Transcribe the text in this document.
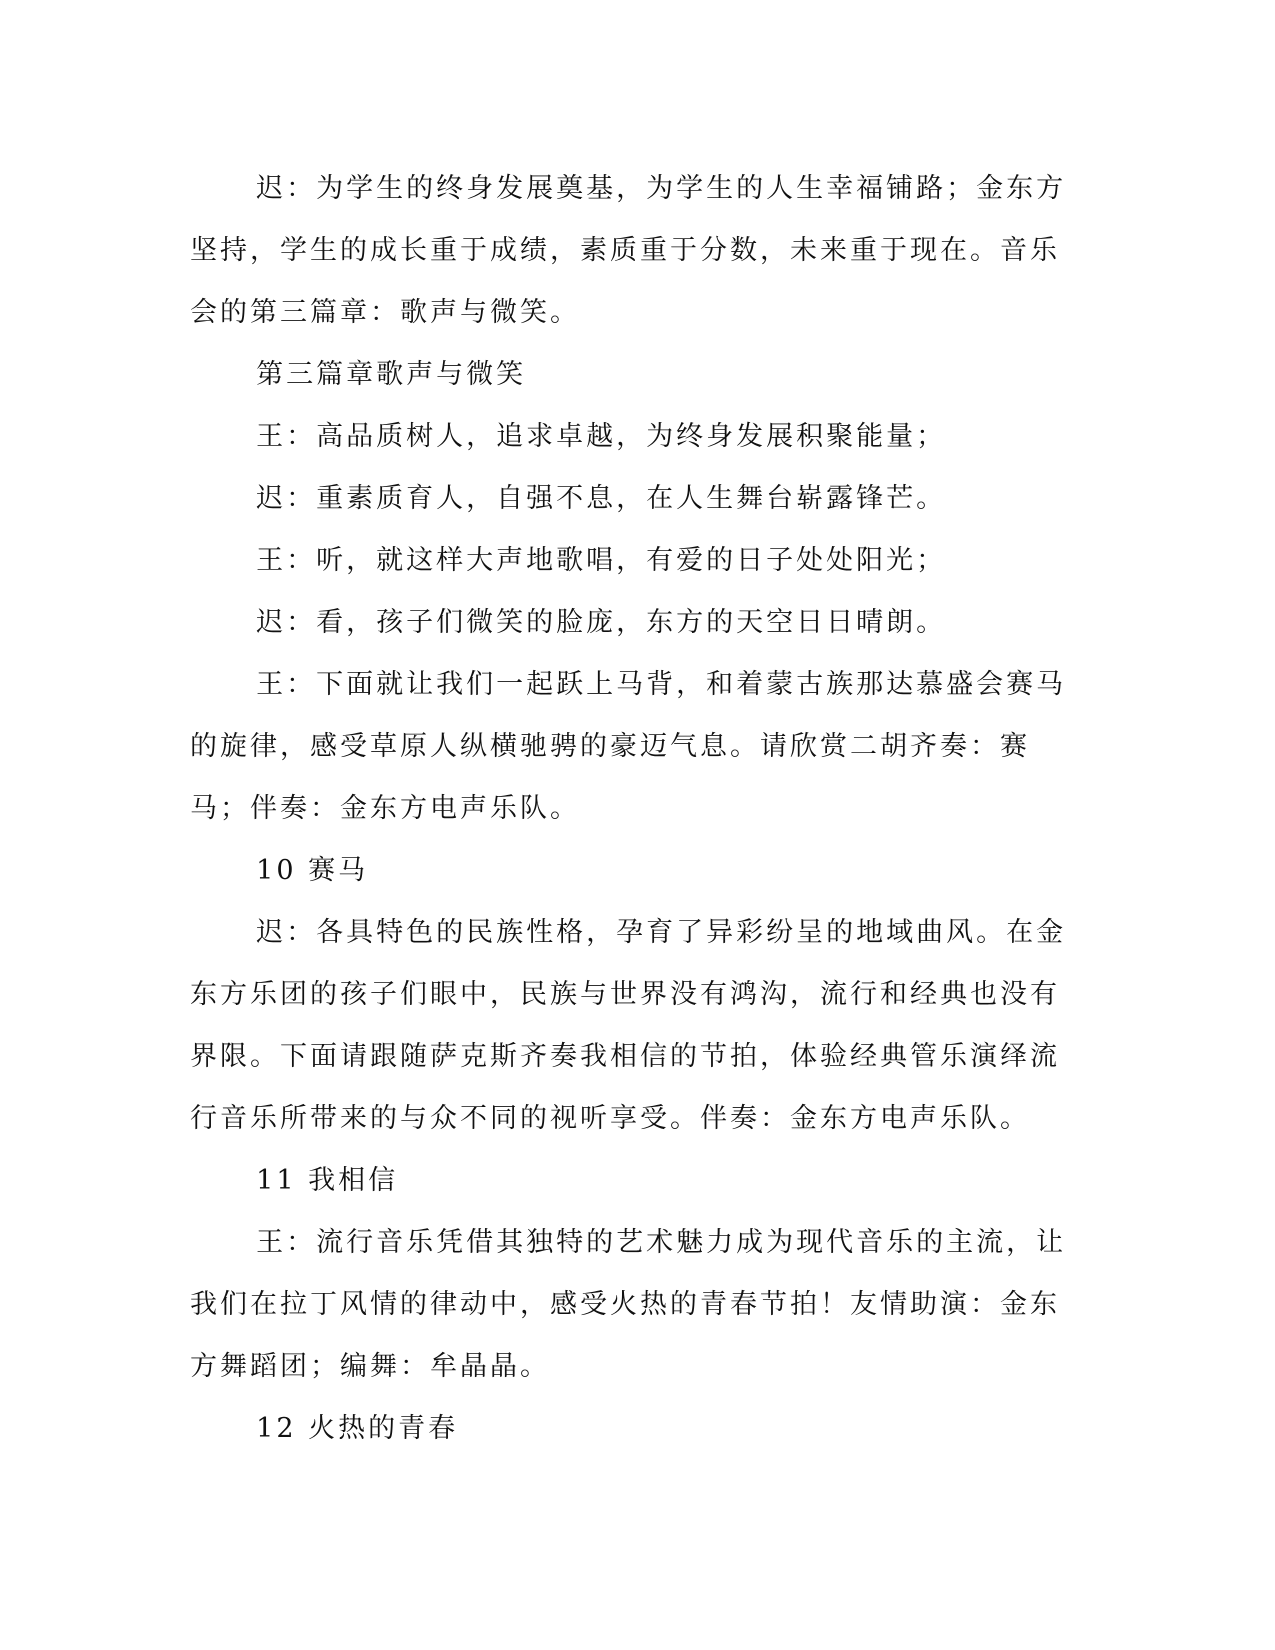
迟：为学生的终身发展奠基，为学生的人生幸福铺路；金东方坚持，学生的成长重于成绩，素质重于分数，未来重于现在。音乐会的第三篇章：歌声与微笑。

第三篇章歌声与微笑

王：高品质树人，追求卓越，为终身发展积聚能量；

迟：重素质育人，自强不息，在人生舞台崭露锋芒。

王：听，就这样大声地歌唱，有爱的日子处处阳光；

迟：看，孩子们微笑的脸庞，东方的天空日日晴朗。

王：下面就让我们一起跃上马背，和着蒙古族那达慕盛会赛马的旋律，感受草原人纵横驰骋的豪迈气息。请欣赏二胡齐奏：赛马；伴奏：金东方电声乐队。

10 赛马

迟：各具特色的民族性格，孕育了异彩纷呈的地域曲风。在金东方乐团的孩子们眼中，民族与世界没有鸿沟，流行和经典也没有界限。下面请跟随萨克斯齐奏我相信的节拍，体验经典管乐演绎流行音乐所带来的与众不同的视听享受。伴奏：金东方电声乐队。

11 我相信

王：流行音乐凭借其独特的艺术魅力成为现代音乐的主流，让我们在拉丁风情的律动中，感受火热的青春节拍！友情助演：金东方舞蹈团；编舞：牟晶晶。

12 火热的青春
